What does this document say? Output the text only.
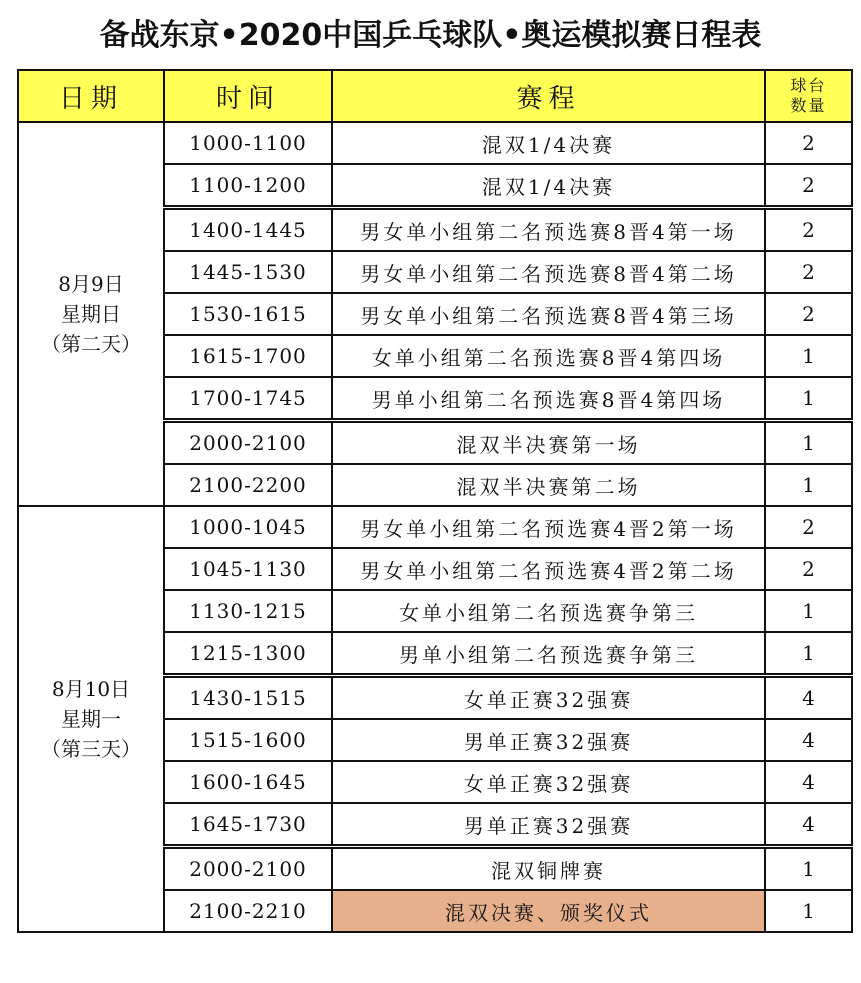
备战东京•2020中国乒乓球队•奥运模拟赛日程表
日期	时间	赛程	球台
数量
8月9日
星期日
（第二天）	1000-1100	混双1/4决赛	2
	1100-1200	混双1/4决赛	2
	1400-1445	男女单小组第二名预选赛8晋4第一场	2
	1445-1530	男女单小组第二名预选赛8晋4第二场	2
	1530-1615	男女单小组第二名预选赛8晋4第三场	2
	1615-1700	女单小组第二名预选赛8晋4第四场	1
	1700-1745	男单小组第二名预选赛8晋4第四场	1
	2000-2100	混双半决赛第一场	1
	2100-2200	混双半决赛第二场	1
8月10日
星期一
（第三天）	1000-1045	男女单小组第二名预选赛4晋2第一场	2
	1045-1130	男女单小组第二名预选赛4晋2第二场	2
	1130-1215	女单小组第二名预选赛争第三	1
	1215-1300	男单小组第二名预选赛争第三	1
	1430-1515	女单正赛32强赛	4
	1515-1600	男单正赛32强赛	4
	1600-1645	女单正赛32强赛	4
	1645-1730	男单正赛32强赛	4
	2000-2100	混双铜牌赛	1
	2100-2210	混双决赛、颁奖仪式	1
